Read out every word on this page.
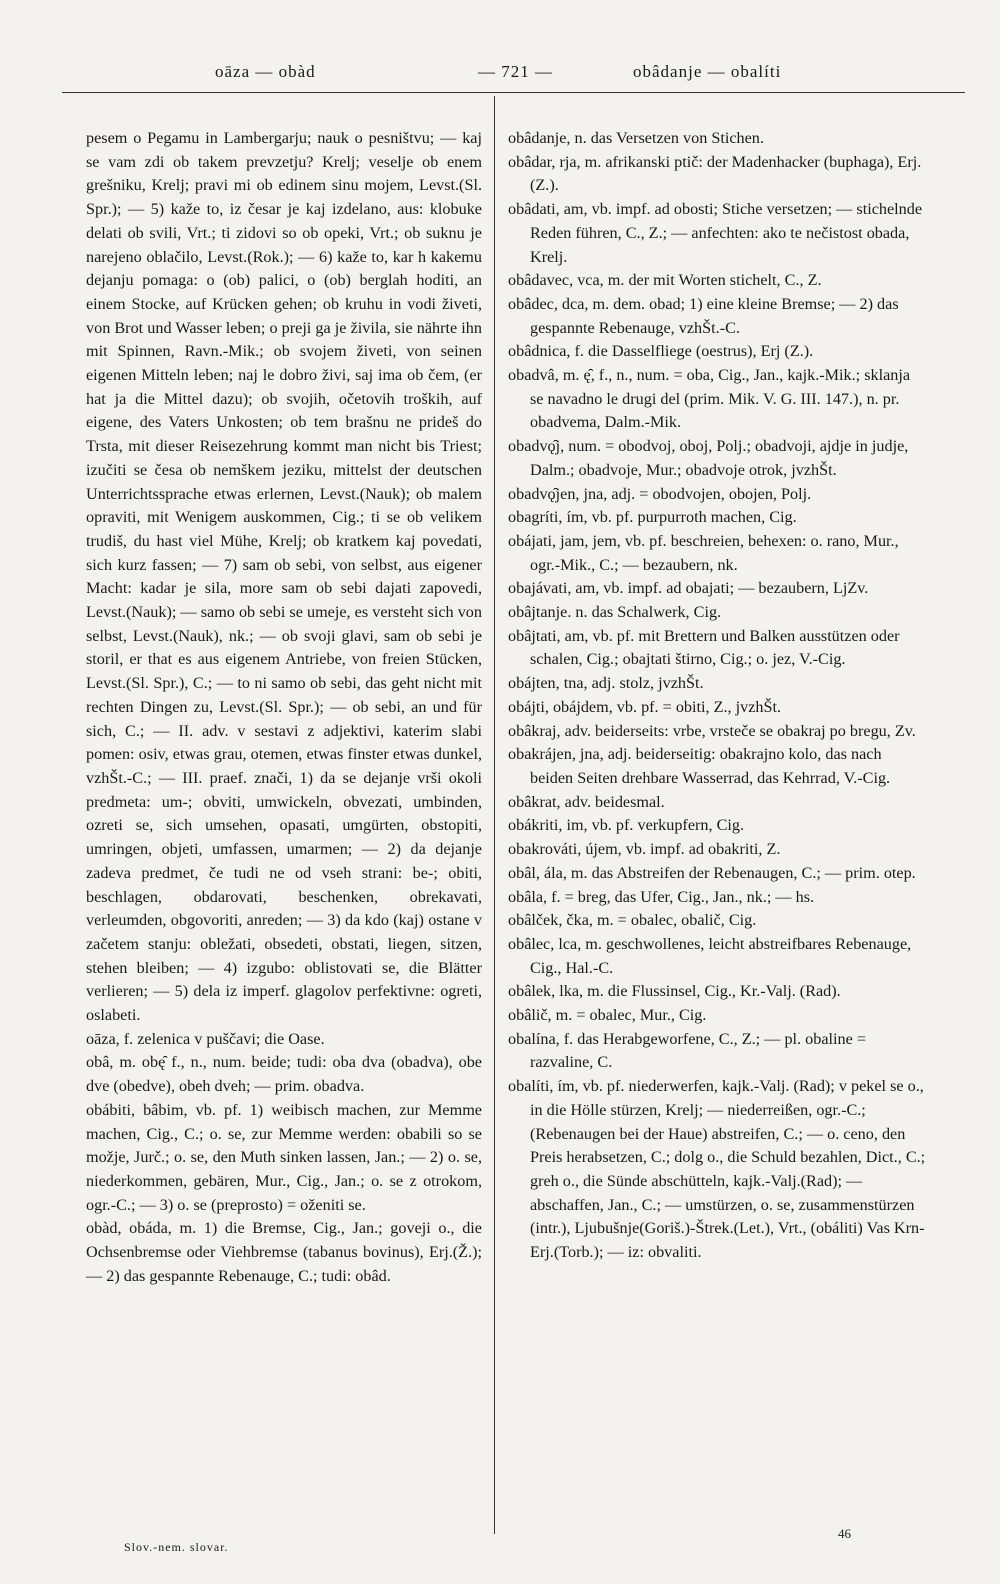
oāza — obàd	— 721 —	obâdanje — obalíti

pesem o Pegamu in Lambergarju; nauk o pesništvu; — kaj se vam zdi ob takem prevzetju? Krelj; veselje ob enem grešniku, Krelj; pravi mi ob edinem sinu mojem, Levst.(Sl. Spr.); — 5) kaže to, iz česar je kaj izdelano, aus: klobuke delati ob svili, Vrt.; ti zidovi so ob opeki, Vrt.; ob suknu je narejeno oblačilo, Levst.(Rok.); — 6) kaže to, kar h kakemu dejanju pomaga: o (ob) palici, o (ob) berglah hoditi, an einem Stocke, auf Krücken gehen; ob kruhu in vodi živeti, von Brot und Wasser leben; o preji ga je živila, sie nährte ihn mit Spinnen, Ravn.-Mik.; ob svojem živeti, von seinen eigenen Mitteln leben; naj le dobro živi, saj ima ob čem, (er hat ja die Mittel dazu); ob svojih, očetovih troških, auf eigene, des Vaters Unkosten; ob tem brašnu ne prideš do Trsta, mit dieser Reisezehrung kommt man nicht bis Triest; izučiti se česa ob nemškem jeziku, mittelst der deutschen Unterrichtssprache etwas erlernen, Levst.(Nauk); ob malem opraviti, mit Wenigem auskommen, Cig.; ti se ob velikem trudiš, du hast viel Mühe, Krelj; ob kratkem kaj povedati, sich kurz fassen; — 7) sam ob sebi, von selbst, aus eigener Macht: kadar je sila, more sam ob sebi dajati zapovedi, Levst.(Nauk); — samo ob sebi se umeje, es versteht sich von selbst, Levst.(Nauk), nk.; — ob svoji glavi, sam ob sebi je storil, er that es aus eigenem Antriebe, von freien Stücken, Levst.(Sl. Spr.), C.; — to ni samo ob sebi, das geht nicht mit rechten Dingen zu, Levst.(Sl. Spr.); — ob sebi, an und für sich, C.; — II. adv. v sestavi z adjektivi, katerim slabi pomen: osiv, etwas grau, otemen, etwas finster etwas dunkel, vzhŠt.-C.; — III. praef. znači, 1) da se dejanje vrši okoli predmeta: um-; obviti, umwickeln, obvezati, umbinden, ozreti se, sich umsehen, opasati, umgürten, obstopiti, umringen, objeti, umfassen, umarmen; — 2) da dejanje zadeva predmet, če tudi ne od vseh strani: be-; obiti, beschlagen, obdarovati, beschenken, obrekavati, verleumden, obgovoriti, anreden; — 3) da kdo (kaj) ostane v začetem stanju: obležati, obsedeti, obstati, liegen, sitzen, stehen bleiben; — 4) izgubo: oblistovati se, die Blätter verlieren; — 5) dela iz imperf. glagolov perfektivne: ogreti, oslabeti.

oāza, f. zelenica v puščavi; die Oase.

obâ, m. obę̑ f., n., num. beide; tudi: oba dva (obadva), obe dve (obedve), obeh dveh; — prim. obadva.

obábiti, bâbim, vb. pf. 1) weibisch machen, zur Memme machen, Cig., C.; o. se, zur Memme werden: obabili so se možje, Jurč.; o. se, den Muth sinken lassen, Jan.; — 2) o. se, niederkommen, gebären, Mur., Cig., Jan.; o. se z otrokom, ogr.-C.; — 3) o. se (preprosto) = oženiti se.

obàd, obáda, m. 1) die Bremse, Cig., Jan.; goveji o., die Ochsenbremse oder Viehbremse (tabanus bovinus), Erj.(Ž.); — 2) das gespannte Rebenauge, C.; tudi: obâd.

obâdanje, n. das Versetzen von Stichen.

obâdar, rja, m. afrikanski ptič: der Madenhacker (buphaga), Erj.(Z.).

obâdati, am, vb. impf. ad obosti; Stiche versetzen; — stichelnde Reden führen, C., Z.; — anfechten: ako te nečistost obada, Krelj.

obâdavec, vca, m. der mit Worten stichelt, C., Z.

obâdec, dca, m. dem. obad; 1) eine kleine Bremse; — 2) das gespannte Rebenauge, vzhŠt.-C.

obâdnica, f. die Dasselfliege (oestrus), Erj (Z.).

obadvâ, m. ę̑, f., n., num. = oba, Cig., Jan., kajk.-Mik.; sklanja se navadno le drugi del (prim. Mik. V. G. III. 147.), n. pr. obadvema, Dalm.-Mik.

obadvǫ̑j, num. = obodvoj, oboj, Polj.; obadvoji, ajdje in judje, Dalm.; obadvoje, Mur.; obadvoje otrok, jvzhŠt.

obadvǫ̑jen, jna, adj. = obodvojen, obojen, Polj.

obagríti, ím, vb. pf. purpurroth machen, Cig.

obájati, jam, jem, vb. pf. beschreien, behexen: o. rano, Mur., ogr.-Mik., C.; — bezaubern, nk.

obajávati, am, vb. impf. ad obajati; — bezaubern, LjZv.

obâjtanje. n. das Schalwerk, Cig.

obâjtati, am, vb. pf. mit Brettern und Balken ausstützen oder schalen, Cig.; obajtati štirno, Cig.; o. jez, V.-Cig.

obájten, tna, adj. stolz, jvzhŠt.

obájti, obájdem, vb. pf. = obiti, Z., jvzhŠt.

obâkraj, adv. beiderseits: vrbe, vrsteče se obakraj po bregu, Zv.

obakrájen, jna, adj. beiderseitig: obakrajno kolo, das nach beiden Seiten drehbare Wasserrad, das Kehrrad, V.-Cig.

obâkrat, adv. beidesmal.

obákriti, im, vb. pf. verkupfern, Cig.

obakrováti, újem, vb. impf. ad obakriti, Z.

obâl, ála, m. das Abstreifen der Rebenaugen, C.; — prim. otep.

obâla, f. = breg, das Ufer, Cig., Jan., nk.; — hs.

obâlček, čka, m. = obalec, obalič, Cig.

obâlec, lca, m. geschwollenes, leicht abstreifbares Rebenauge, Cig., Hal.-C.

obâlek, lka, m. die Flussinsel, Cig., Kr.-Valj. (Rad).

obâlič, m. = obalec, Mur., Cig.

obalína, f. das Herabgeworfene, C., Z.; — pl. obaline = razvaline, C.

obalíti, ím, vb. pf. niederwerfen, kajk.-Valj. (Rad); v pekel se o., in die Hölle stürzen, Krelj; — niederreißen, ogr.-C.; (Rebenaugen bei der Haue) abstreifen, C.; — o. ceno, den Preis herabsetzen, C.; dolg o., die Schuld bezahlen, Dict., C.; greh o., die Sünde abschütteln, kajk.-Valj.(Rad); — abschaffen, Jan., C.; — umstürzen, o. se, zusammenstürzen (intr.), Ljubušnje(Goriš.)-Štrek.(Let.), Vrt., (obáliti) Vas Krn-Erj.(Torb.); — iz: obvaliti.

Slov.-nem. slovar.
46
